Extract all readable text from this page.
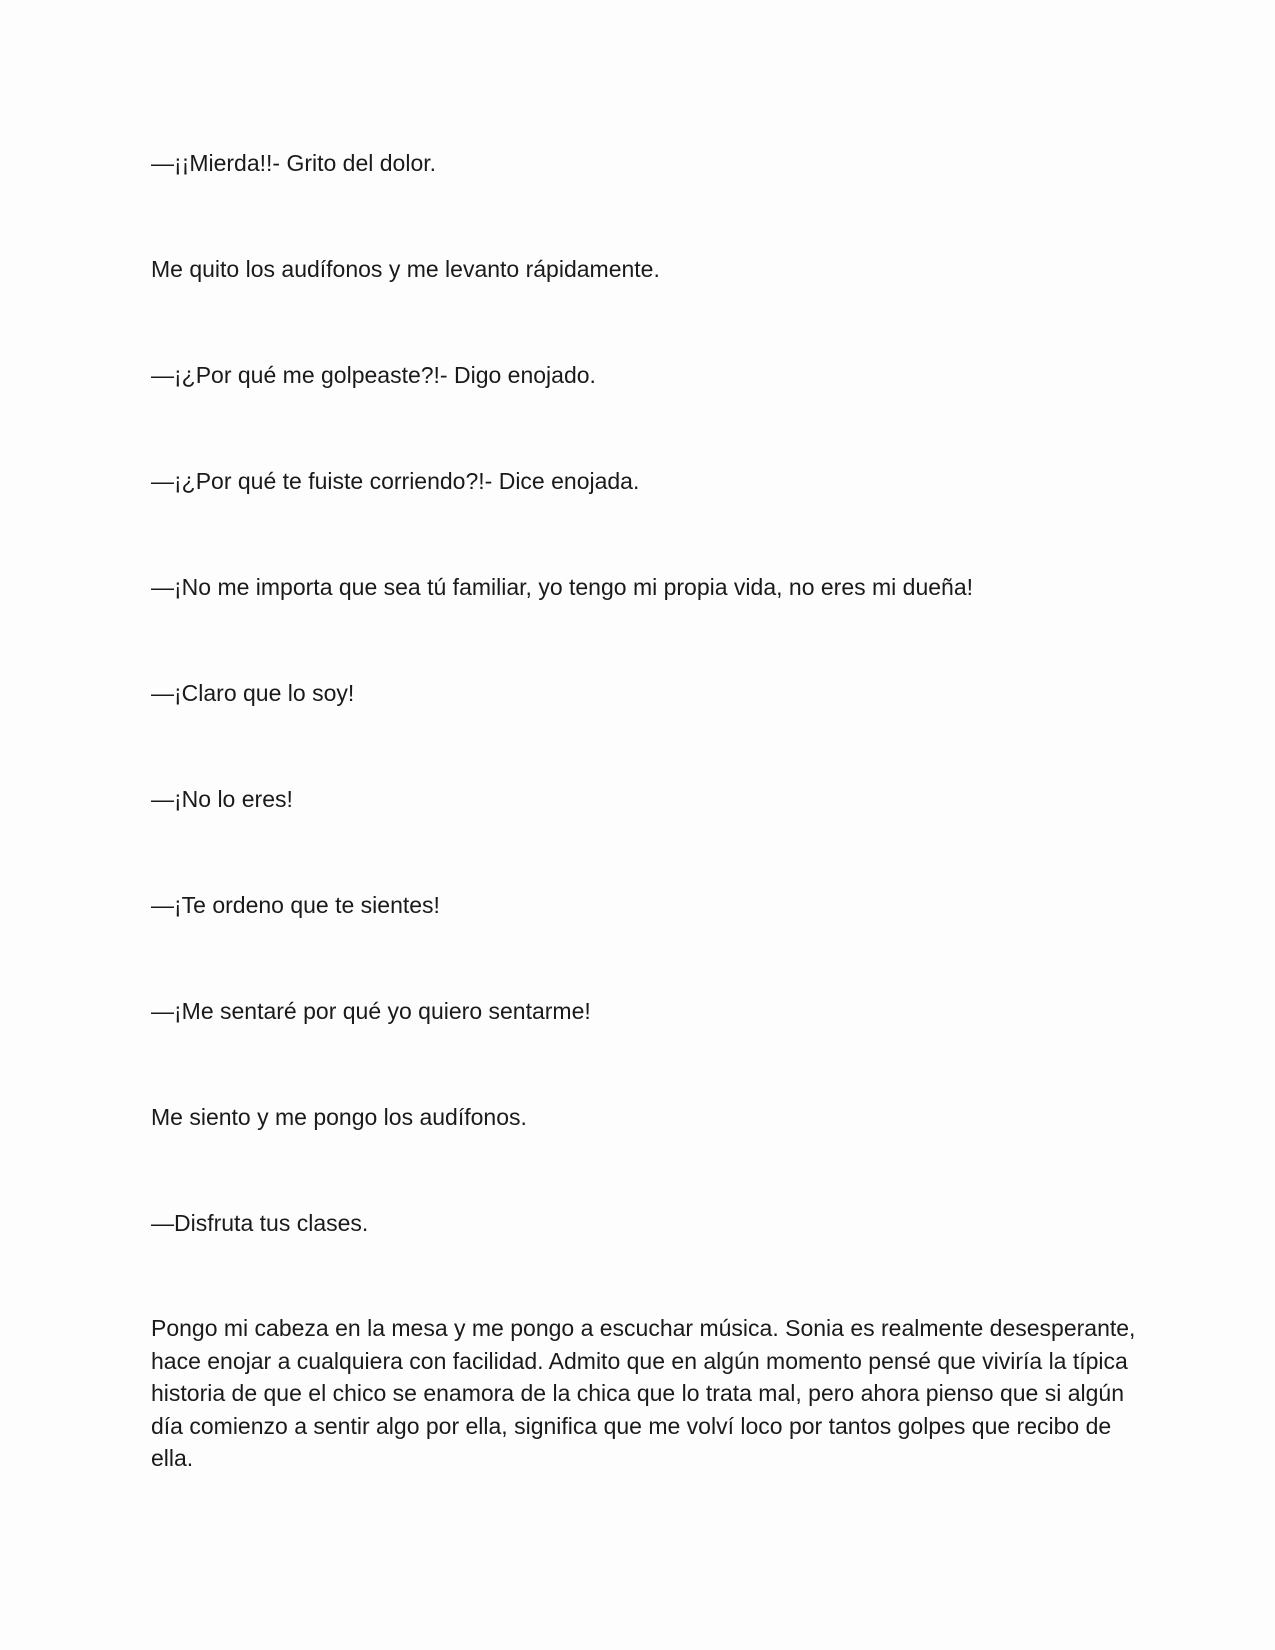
—¡¡Mierda!!- Grito del dolor.

Me quito los audífonos y me levanto rápidamente.

—¡¿Por qué me golpeaste?!- Digo enojado.

—¡¿Por qué te fuiste corriendo?!- Dice enojada.

—¡No me importa que sea tú familiar, yo tengo mi propia vida, no eres mi dueña!

—¡Claro que lo soy!

—¡No lo eres!

—¡Te ordeno que te sientes!

—¡Me sentaré por qué yo quiero sentarme!

Me siento y me pongo los audífonos.

—Disfruta tus clases.

Pongo mi cabeza en la mesa y me pongo a escuchar música. Sonia es realmente desesperante,
hace enojar a cualquiera con facilidad. Admito que en algún momento pensé que viviría la típica
historia de que el chico se enamora de la chica que lo trata mal, pero ahora pienso que si algún
día comienzo a sentir algo por ella, significa que me volví loco por tantos golpes que recibo de
ella.
